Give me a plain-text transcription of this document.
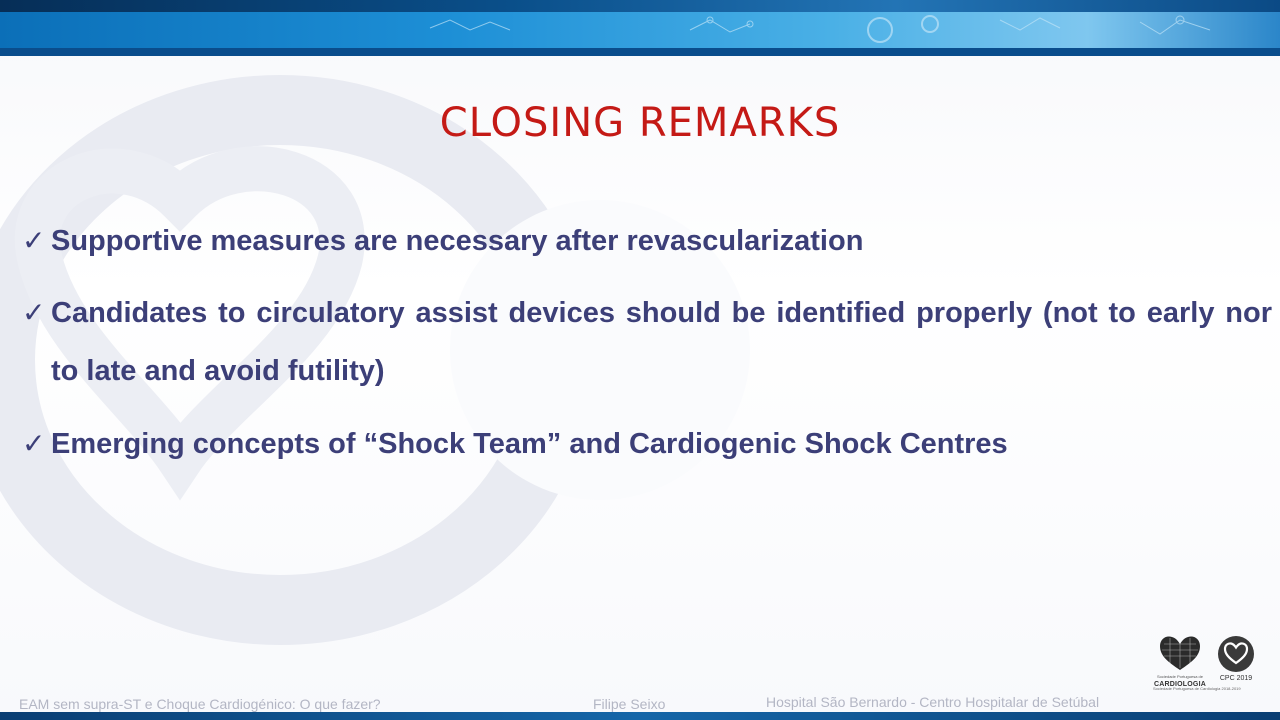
CLOSING REMARKS
✓ Supportive measures are necessary after revascularization
✓ Candidates to circulatory assist devices should be identified properly (not to early nor to late and avoid futility)
✓ Emerging concepts of “Shock Team” and Cardiogenic Shock Centres
Sociedade Portuguesa de
CARDIOLOGIA
CPC 2019
Sociedade Portuguesa de Cardiologia 2018-2019
EAM sem supra-ST e Choque Cardiogénico: O que fazer?	Filipe Seixo	Hospital São Bernardo - Centro Hospitalar de Setúbal
